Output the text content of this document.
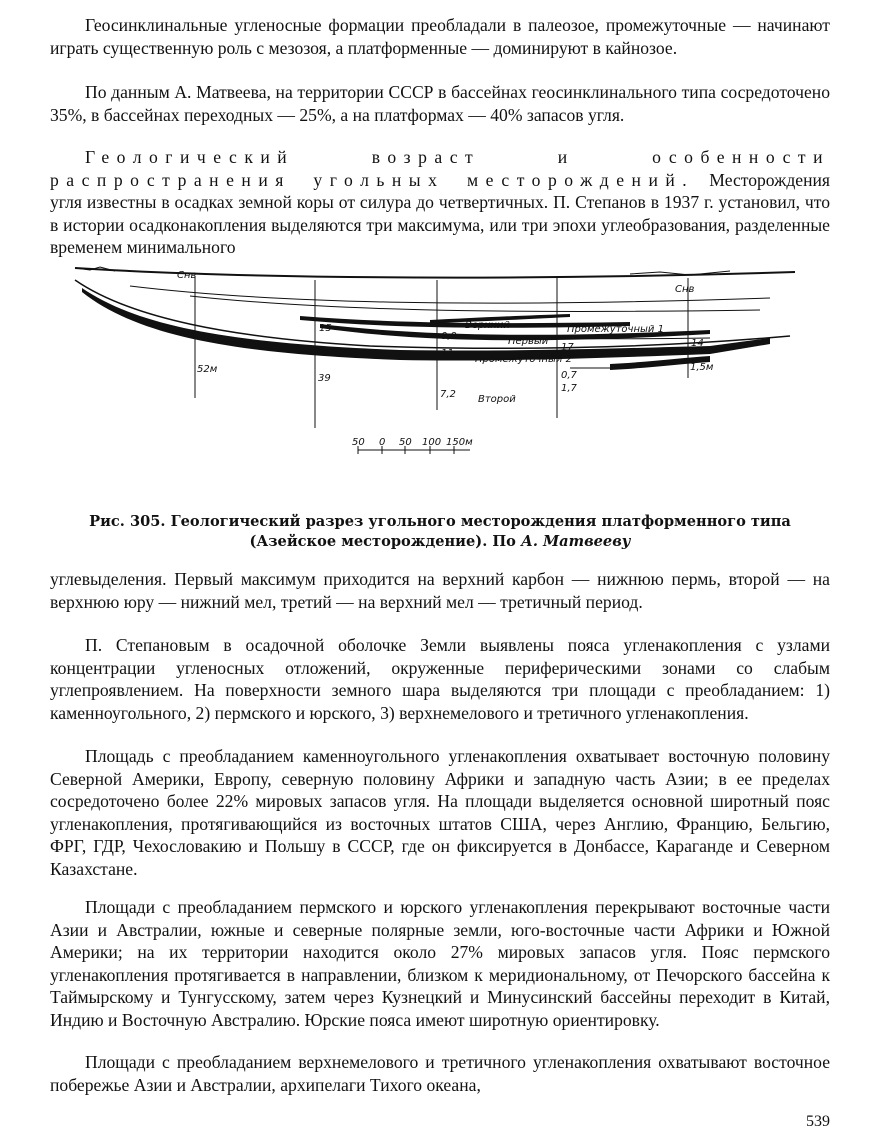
Геосинклинальные угленосные формации преобладали в палеозое, промежуточные — начинают играть существенную роль с мезозоя, а платформенные — доминируют в кайнозое.

По данным А. Матвеева, на территории СССР в бассейнах геосинклинального типа сосредоточено 35%, в бассейнах переходных — 25%, а на платформах — 40% запасов угля.

Геологический возраст и особенности распространения угольных месторождений. Месторождения угля известны в осадках земной коры от силура до четвертичных. П. Степанов в 1937 г. установил, что в истории осадконакопления выделяются три максимума, или три эпохи углеобразования, разделенные временем минимального

Снв
Снв
15
0,9
11
17	14
52м
39
7,2
0,7
1,7
1,5м
Верхний
Первый
Промежуточный 1
Промежуточный 2
Второй
50 0 50 100 150м

Рис. 305. Геологический разрез угольного месторождения платформенного типа (Азейское месторождение). По А. Матвееву

углевыделения. Первый максимум приходится на верхний карбон — нижнюю пермь, второй — на верхнюю юру — нижний мел, третий — на верхний мел — третичный период.

П. Степановым в осадочной оболочке Земли выявлены пояса угленакопления с узлами концентрации угленосных отложений, окруженные периферическими зонами со слабым углепроявлением. На поверхности земного шара выделяются три площади с преобладанием: 1) каменноугольного, 2) пермского и юрского, 3) верхнемелового и третичного угленакопления.

Площадь с преобладанием каменноугольного угленакопления охватывает восточную половину Северной Америки, Европу, северную половину Африки и западную часть Азии; в ее пределах сосредоточено более 22% мировых запасов угля. На площади выделяется основной широтный пояс угленакопления, протягивающийся из восточных штатов США, через Англию, Францию, Бельгию, ФРГ, ГДР, Чехословакию и Польшу в СССР, где он фиксируется в Донбассе, Караганде и Северном Казахстане.

Площади с преобладанием пермского и юрского угленакопления перекрывают восточные части Азии и Австралии, южные и северные полярные земли, юго-восточные части Африки и Южной Америки; на их территории находится около 27% мировых запасов угля. Пояс пермского угленакопления протягивается в направлении, близком к меридиональному, от Печорского бассейна к Таймырскому и Тунгусскому, затем через Кузнецкий и Минусинский бассейны переходит в Китай, Индию и Восточную Австралию. Юрские пояса имеют широтную ориентировку.

Площади с преобладанием верхнемелового и третичного угленакопления охватывают восточное побережье Азии и Австралии, архипелаги Тихого океана,

539
